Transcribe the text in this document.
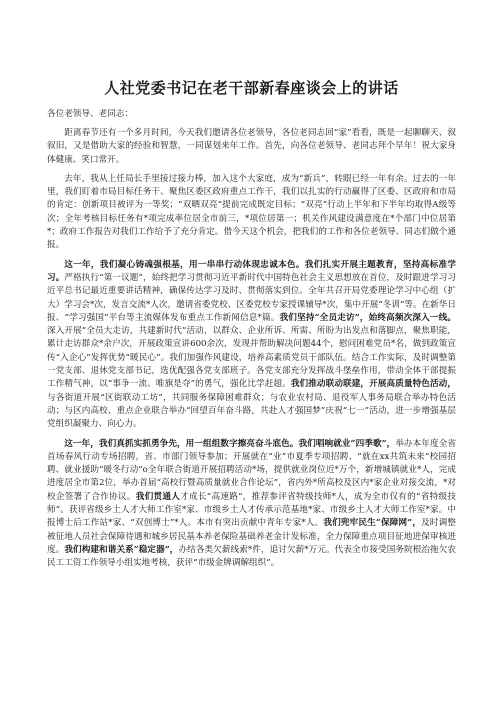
人社党委书记在老干部新春座谈会上的讲话

各位老领导、老同志：

距离春节还有一个多月时间，今天我们邀请各位老领导，各位老同志回“家”看看，既是一起聊聊天、叙叙旧，又是借助大家的经验和智慧，一同谋划来年工作。首先，向各位老领导、老同志拜个早年！祝大家身体健康、笑口常开。

去年，我从上任局长手里接过接力棒，加入这个大家庭，成为“新兵”，转眼已经一年有余。过去的一年里，我们盯着市局目标任务干、聚焦区委区政府重点工作干，我们以扎实的行动赢得了区委、区政府和市局的肯定：创新项目被评为一等奖；“双晒双亮”提前完成既定目标；“双亮”行动上半年和下半年均取得A级等次；全年考核目标任务有*项完成率位居全市前三，*项位居第一；机关作风建设满意度在*个部门中位居第*；政府工作报告对我们工作给予了充分肯定。借今天这个机会，把我们的工作和各位老领导、同志们做个通报。

这一年，我们凝心铸魂强根基，用一串串行动体现忠诚本色。我们扎实开展主题教育，坚持高标准学习。严格执行“第一议题”，始终把学习贯彻习近平新时代中国特色社会主义思想放在首位，及时跟进学习习近平总书记最近重要讲话精神，确保传达学习及时、贯彻落实到位。全年共召开局党委理论学习中心组（扩大）学习会*次，发言交流*人次，邀请省委党校、区委党校专家授课辅导*次，集中开展“冬训”等。在新华日报、“学习强国”平台等主流媒体发布重点工作新闻信息*篇。我们坚持“全员走访”，始终高频次深入一线。深入开展“全员大走访，共建新时代”活动，以群众、企业所诉、所需、所盼为出发点和落脚点，聚焦职能，累计走访群众*余户次，开展政策宣讲600余次，发现并帮助解决问题44个，慰问困难党员*名，做到政策宣传“入企心”发挥优势“暖民心”。我们加强作风建设，培养高素质党员干部队伍。结合工作实际，及时调整第一党支部、退休党支部书记，选优配强各党支部班子。各党支部充分发挥战斗堡垒作用，带动全体干部提振工作精气神，以“事争一流、唯旗是夺”的勇气，强化比学赶超。我们推动联动联建，开展高质量特色活动，与各街道开展“区街联动工坊”，共同服务保障困难群众；与农业农村局、退役军人事务局联合举办特色活动；与区内高校、重点企业联合举办“回望百年奋斗路，共赴人才强国梦”庆祝“七一”活动，进一步增强基层党组织凝聚力、向心力。

这一年，我们真抓实抓勇争先，用一组组数字擦亮奋斗底色。我们唱响就业“四季歌”，举办本年度全省首场春风行动专场招聘，省、市部门领导参加；开展就在“业”市夏季专项招聘、“就在xx共筑未来”校园招聘、就业援助“暖冬行动”o全年联合街道开展招聘活动*场，提供就业岗位近*万个，新增城镇就业*人，完成进度居全市第2位，举办首届“高校行暨高质量就业合作论坛”，省内外*所高校及区内*家企业对接交流，*对校企签署了合作协议。我们贯通人才成长“高速路”，推荐参评省特级技师*人，成为全市仅有的“省特级技师”。获评省级乡土人才大师工作室*家、市级乡土人才传承示范基地*家、市级乡土人才大师工作室*家。中报博士后工作站*家、“双创博士”*人。本市有突出贡献中青年专家*人。我们兜牢民生“保障网”，及时调整被征地人员社会保障待遇和城乡居民基本养老保险基础养老金计发标准，全力保障重点项目征地进保审核进度。我们构建和谐关系“稳定器”，办结各类欠薪线索*件，追讨欠薪*万元。代表全市接受国务院根治拖欠农民工工资工作领导小组实地考核，获评“市级金牌调解组织”。
